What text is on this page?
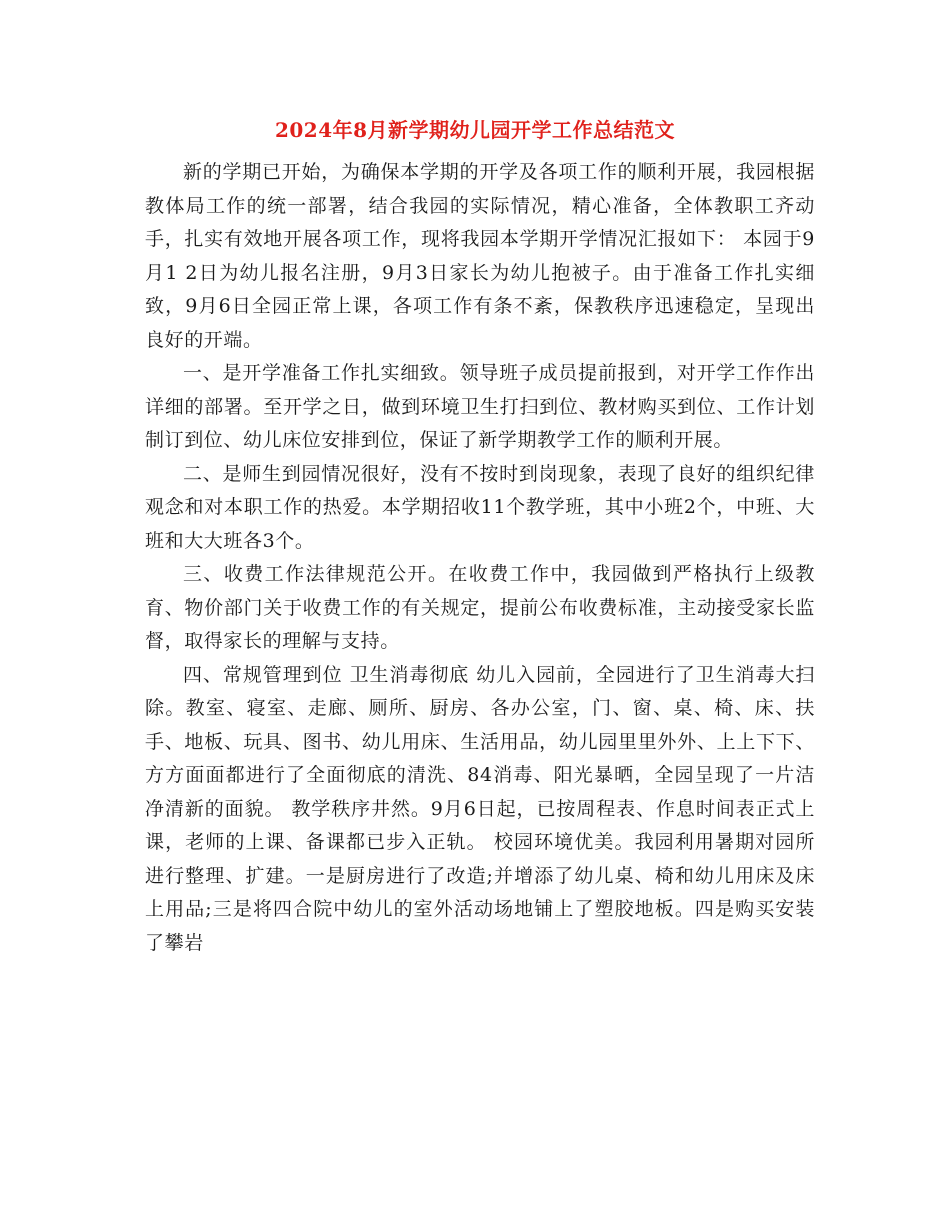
2024年8月新学期幼儿园开学工作总结范文

新的学期已开始，为确保本学期的开学及各项工作的顺利开展，我园根据教体局工作的统一部署，结合我园的实际情况，精心准备，全体教职工齐动手，扎实有效地开展各项工作，现将我园本学期开学情况汇报如下： 本园于9月1 2日为幼儿报名注册，9月3日家长为幼儿抱被子。由于准备工作扎实细致，9月6日全园正常上课，各项工作有条不紊，保教秩序迅速稳定，呈现出良好的开端。

一、是开学准备工作扎实细致。领导班子成员提前报到，对开学工作作出详细的部署。至开学之日，做到环境卫生打扫到位、教材购买到位、工作计划制订到位、幼儿床位安排到位，保证了新学期教学工作的顺利开展。

二、是师生到园情况很好，没有不按时到岗现象，表现了良好的组织纪律观念和对本职工作的热爱。本学期招收11个教学班，其中小班2个，中班、大班和大大班各3个。

三、收费工作法律规范公开。在收费工作中，我园做到严格执行上级教育、物价部门关于收费工作的有关规定，提前公布收费标准，主动接受家长监督，取得家长的理解与支持。

四、常规管理到位 卫生消毒彻底 幼儿入园前，全园进行了卫生消毒大扫除。教室、寝室、走廊、厕所、厨房、各办公室，门、窗、桌、椅、床、扶手、地板、玩具、图书、幼儿用床、生活用品，幼儿园里里外外、上上下下、方方面面都进行了全面彻底的清洗、84消毒、阳光暴晒，全园呈现了一片洁净清新的面貌。 教学秩序井然。9月6日起，已按周程表、作息时间表正式上课，老师的上课、备课都已步入正轨。 校园环境优美。我园利用暑期对园所进行整理、扩建。一是厨房进行了改造;并增添了幼儿桌、椅和幼儿用床及床上用品;三是将四合院中幼儿的室外活动场地铺上了塑胶地板。四是购买安装了攀岩
